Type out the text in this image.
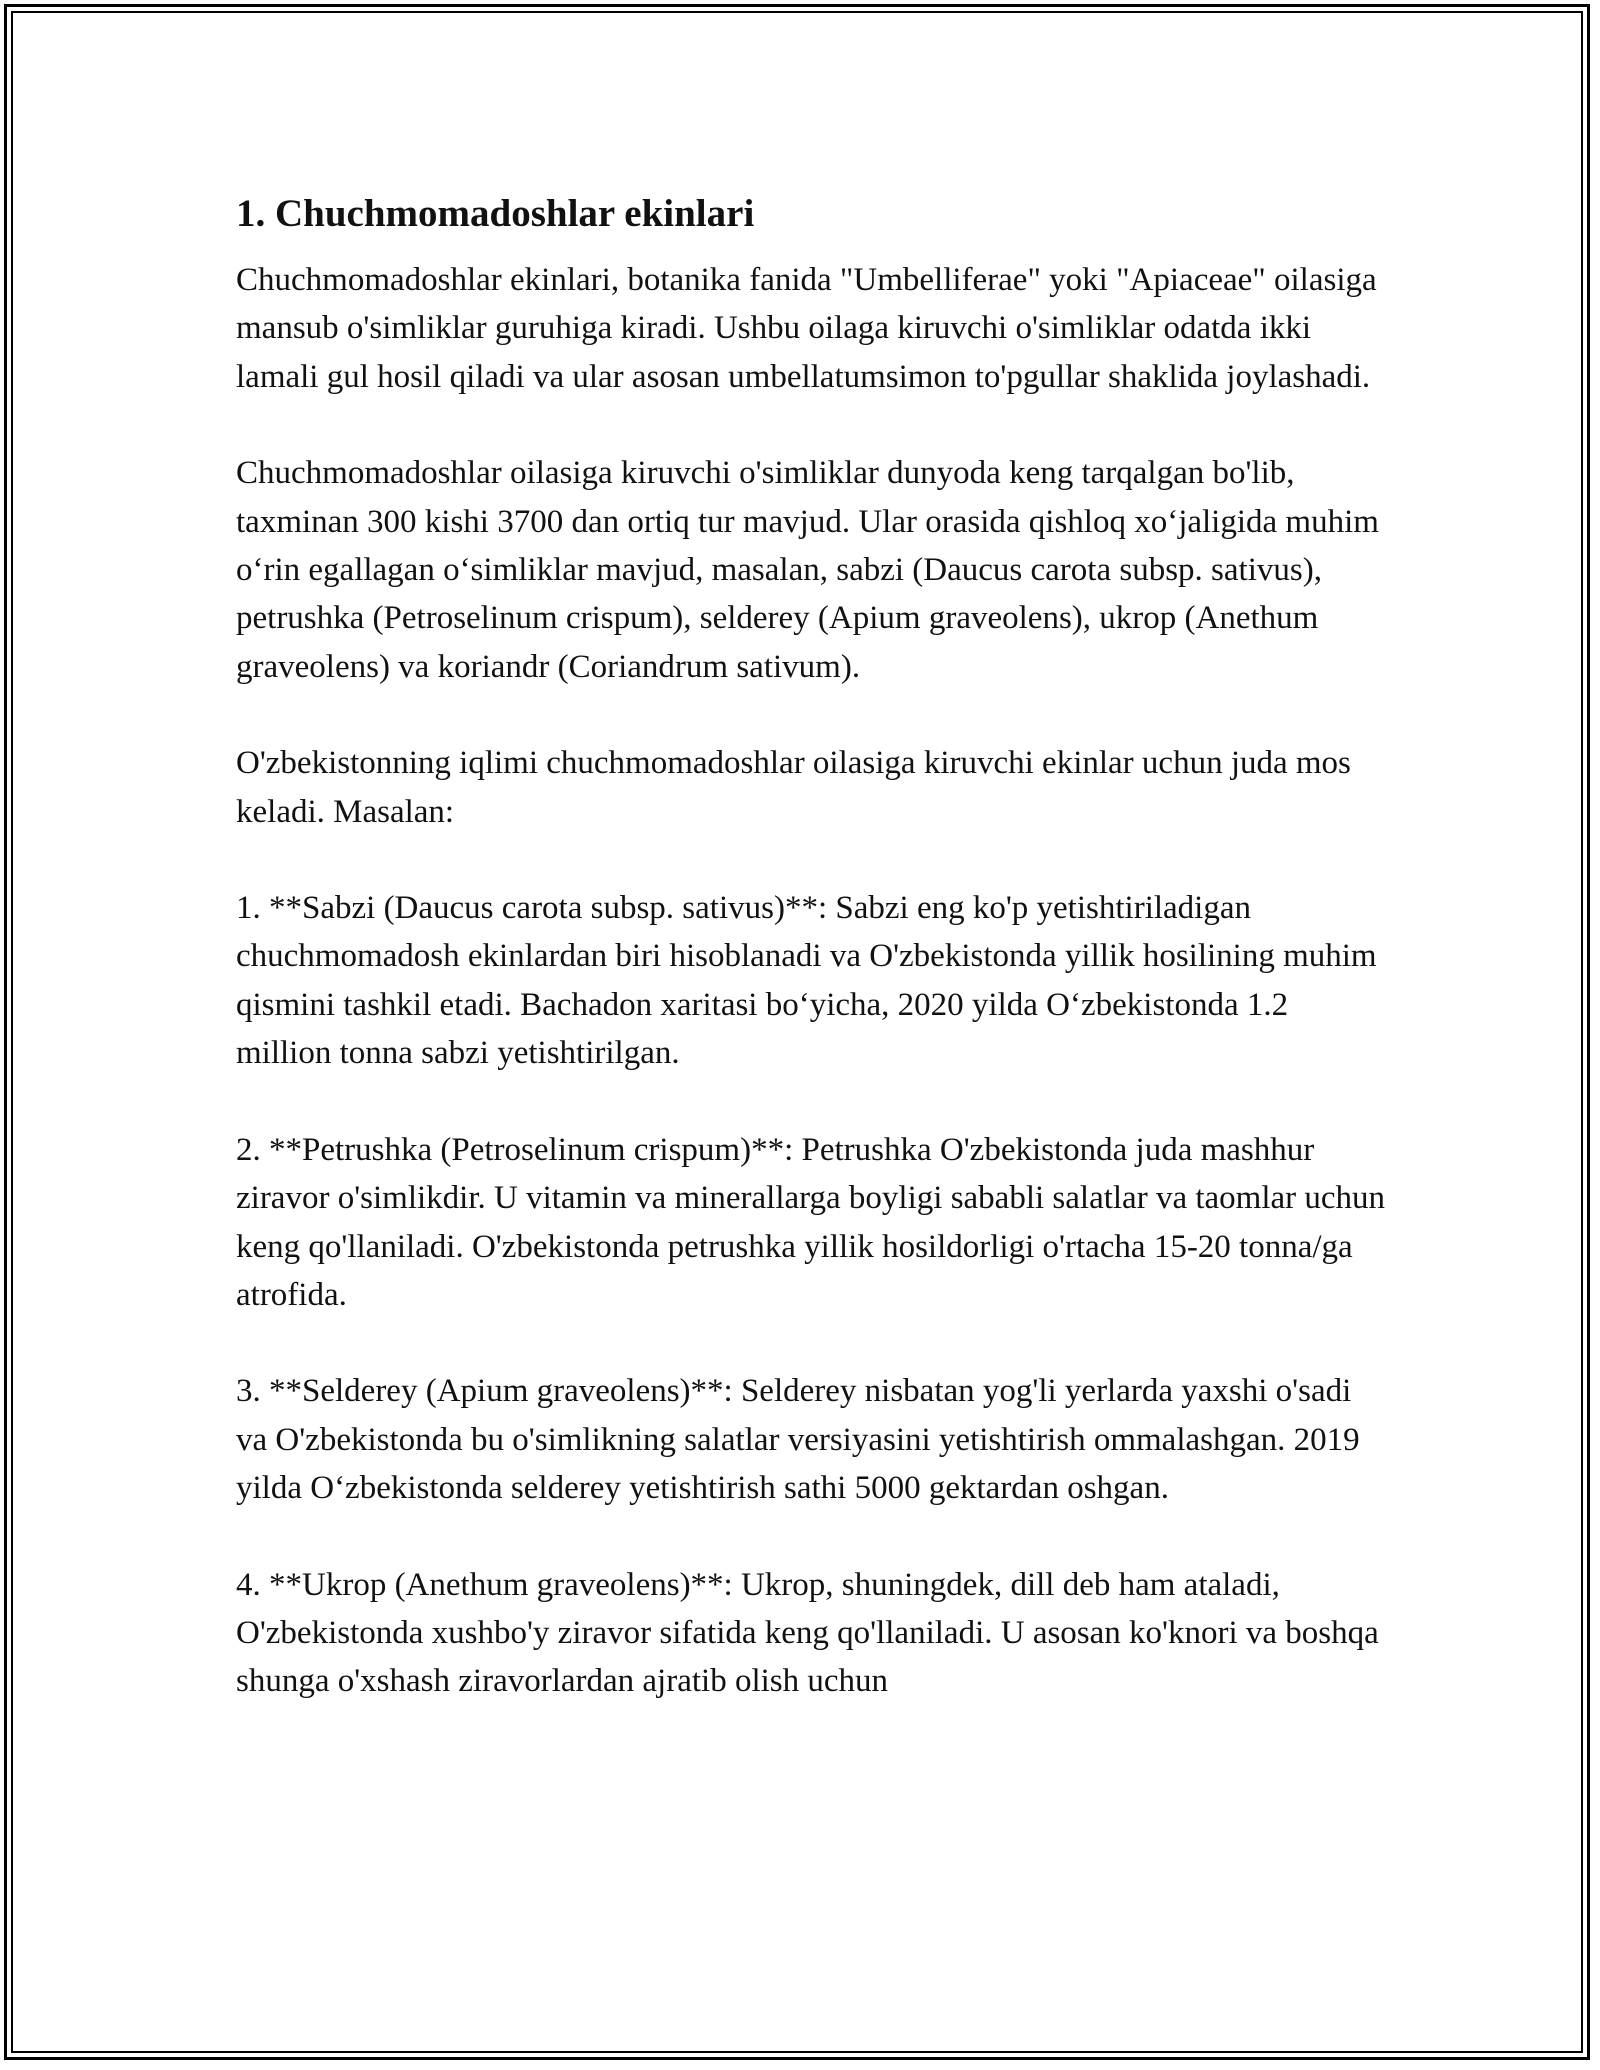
1. Chuchmomadoshlar ekinlari

Chuchmomadoshlar ekinlari, botanika fanida "Umbelliferae" yoki "Apiaceae" oilasiga mansub o'simliklar guruhiga kiradi. Ushbu oilaga kiruvchi o'simliklar odatda ikki lamali gul hosil qiladi va ular asosan umbellatumsimon to'pgullar shaklida joylashadi.

Chuchmomadoshlar oilasiga kiruvchi o'simliklar dunyoda keng tarqalgan bo'lib, taxminan 300 kishi 3700 dan ortiq tur mavjud. Ular orasida qishloq xo‘jaligida muhim o‘rin egallagan o‘simliklar mavjud, masalan, sabzi (Daucus carota subsp. sativus), petrushka (Petroselinum crispum), selderey (Apium graveolens), ukrop (Anethum graveolens) va koriandr (Coriandrum sativum).

O'zbekistonning iqlimi chuchmomadoshlar oilasiga kiruvchi ekinlar uchun juda mos keladi. Masalan:

1. **Sabzi (Daucus carota subsp. sativus)**: Sabzi eng ko'p yetishtiriladigan chuchmomadosh ekinlardan biri hisoblanadi va O'zbekistonda yillik hosilining muhim qismini tashkil etadi. Bachadon xaritasi bo‘yicha, 2020 yilda O‘zbekistonda 1.2 million tonna sabzi yetishtirilgan.

2. **Petrushka (Petroselinum crispum)**: Petrushka O'zbekistonda juda mashhur ziravor o'simlikdir. U vitamin va minerallarga boyligi sababli salatlar va taomlar uchun keng qo'llaniladi. O'zbekistonda petrushka yillik hosildorligi o'rtacha 15-20 tonna/ga atrofida.

3. **Selderey (Apium graveolens)**: Selderey nisbatan yog'li yerlarda yaxshi o'sadi va O'zbekistonda bu o'simlikning salatlar versiyasini yetishtirish ommalashgan. 2019 yilda O‘zbekistonda selderey yetishtirish sathi 5000 gektardan oshgan.

4. **Ukrop (Anethum graveolens)**: Ukrop, shuningdek, dill deb ham ataladi, O'zbekistonda xushbo'y ziravor sifatida keng qo'llaniladi. U asosan ko'knori va boshqa shunga o'xshash ziravorlardan ajratib olish uchun
